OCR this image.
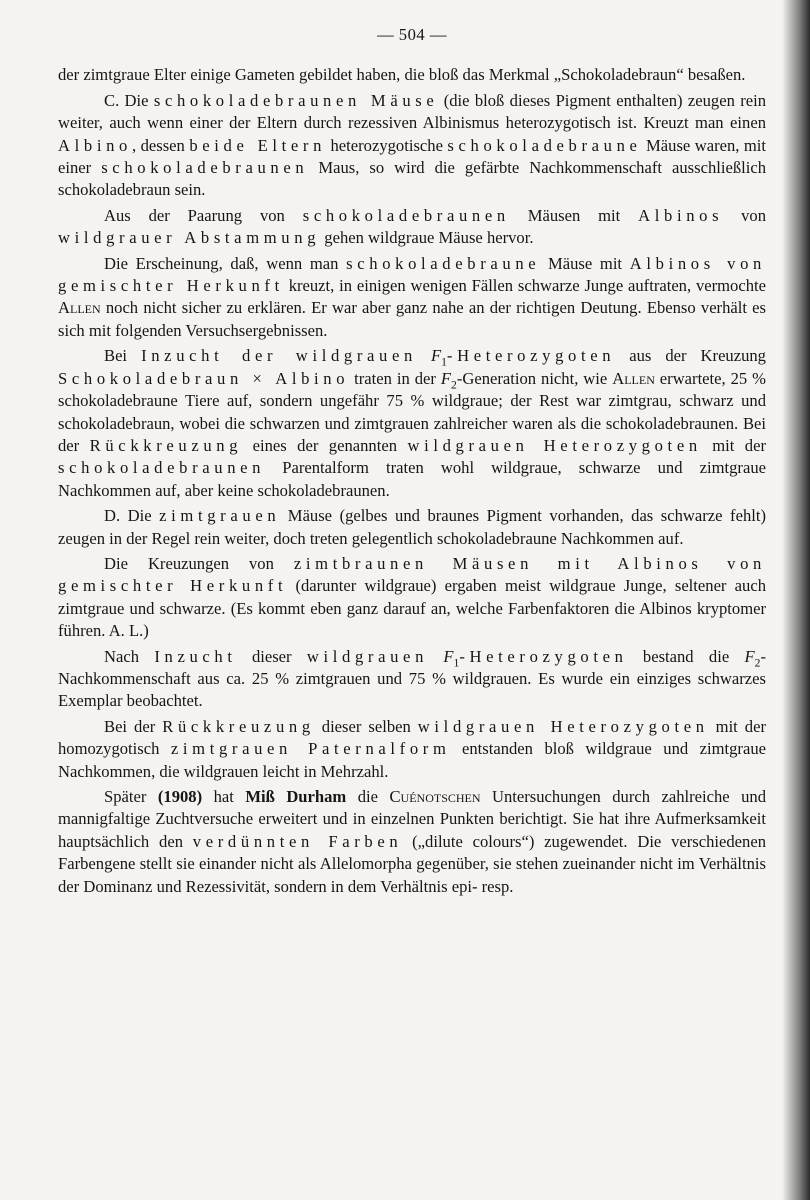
— 504 —

der zimtgraue Elter einige Gameten gebildet haben, die bloß das Merkmal „Schokoladebraun“ besaßen.

C. Die schokoladebraunen Mäuse (die bloß dieses Pigment enthalten) zeugen rein weiter, auch wenn einer der Eltern durch rezessiven Albinismus heterozygotisch ist. Kreuzt man einen Albino, dessen beide Eltern heterozygotische schokoladebraune Mäuse waren, mit einer schokoladebraunen Maus, so wird die gefärbte Nachkommenschaft ausschließlich schokoladebraun sein.

Aus der Paarung von schokoladebraunen Mäusen mit Albinos von wildgrauer Abstammung gehen wildgraue Mäuse hervor.

Die Erscheinung, daß, wenn man schokoladebraune Mäuse mit Albinos von gemischter Herkunft kreuzt, in einigen wenigen Fällen schwarze Junge auftraten, vermochte Allen noch nicht sicher zu erklären. Er war aber ganz nahe an der richtigen Deutung. Ebenso verhält es sich mit folgenden Versuchsergebnissen.

Bei Inzucht der wildgrauen $F_1$-Heterozygoten aus der Kreuzung Schokoladebraun × Albino traten in der $F_2$-Generation nicht, wie Allen erwartete, 25 % schokoladebraune Tiere auf, sondern ungefähr 75 % wildgraue; der Rest war zimtgrau, schwarz und schokoladebraun, wobei die schwarzen und zimtgrauen zahlreicher waren als die schokoladebraunen. Bei der Rückkreuzung eines der genannten wildgrauen Heterozygoten mit der schokoladebraunen Parentalform traten wohl wildgraue, schwarze und zimtgraue Nachkommen auf, aber keine schokoladebraunen.

D. Die zimtgrauen Mäuse (gelbes und braunes Pigment vorhanden, das schwarze fehlt) zeugen in der Regel rein weiter, doch treten gelegentlich schokoladebraune Nachkommen auf.

Die Kreuzungen von zimtbraunen Mäusen mit Albinos von gemischter Herkunft (darunter wildgraue) ergaben meist wildgraue Junge, seltener auch zimtgraue und schwarze. (Es kommt eben ganz darauf an, welche Farbenfaktoren die Albinos kryptomer führen. A. L.)

Nach Inzucht dieser wildgrauen $F_1$-Heterozygoten bestand die $F_2$-Nachkommenschaft aus ca. 25 % zimtgrauen und 75 % wildgrauen. Es wurde ein einziges schwarzes Exemplar beobachtet.

Bei der Rückkreuzung dieser selben wildgrauen Heterozygoten mit der homozygotisch zimtgrauen Paternalform entstanden bloß wildgraue und zimtgraue Nachkommen, die wildgrauen leicht in Mehrzahl.

Später (1908) hat Miß Durham die Cuénotschen Untersuchungen durch zahlreiche und mannigfaltige Zuchtversuche erweitert und in einzelnen Punkten berichtigt. Sie hat ihre Aufmerksamkeit hauptsächlich den verdünnten Farben („dilute colours“) zugewendet. Die verschiedenen Farbengene stellt sie einander nicht als Allelomorpha gegenüber, sie stehen zueinander nicht im Verhältnis der Dominanz und Rezessivität, sondern in dem Verhältnis epi- resp.
